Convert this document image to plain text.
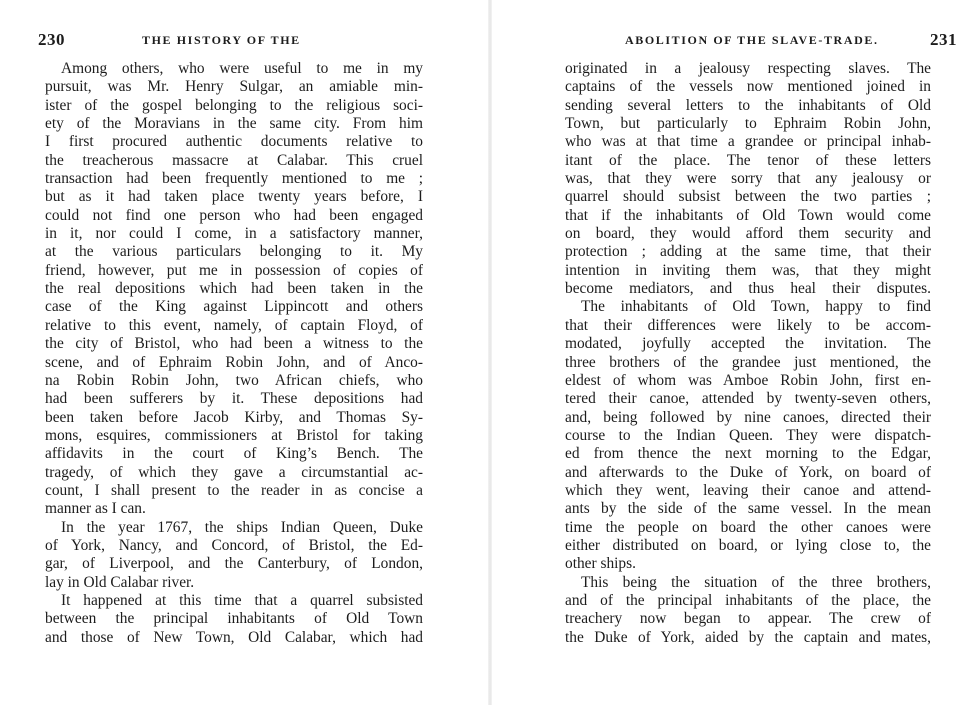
230	THE HISTORY OF THE
Among others, who were useful to me in my
pursuit, was Mr. Henry Sulgar, an amiable min-
ister of the gospel belonging to the religious soci-
ety of the Moravians in the same city. From him
I first procured authentic documents relative to
the treacherous massacre at Calabar. This cruel
transaction had been frequently mentioned to me ;
but as it had taken place twenty years before, I
could not find one person who had been engaged
in it, nor could I come, in a satisfactory manner,
at the various particulars belonging to it. My
friend, however, put me in possession of copies of
the real depositions which had been taken in the
case of the King against Lippincott and others
relative to this event, namely, of captain Floyd, of
the city of Bristol, who had been a witness to the
scene, and of Ephraim Robin John, and of Anco-
na Robin Robin John, two African chiefs, who
had been sufferers by it. These depositions had
been taken before Jacob Kirby, and Thomas Sy-
mons, esquires, commissioners at Bristol for taking
affidavits in the court of King’s Bench. The
tragedy, of which they gave a circumstantial ac-
count, I shall present to the reader in as concise a
manner as I can.
In the year 1767, the ships Indian Queen, Duke
of York, Nancy, and Concord, of Bristol, the Ed-
gar, of Liverpool, and the Canterbury, of London,
lay in Old Calabar river.
It happened at this time that a quarrel subsisted
between the principal inhabitants of Old Town
and those of New Town, Old Calabar, which had
ABOLITION OF THE SLAVE-TRADE.	231
originated in a jealousy respecting slaves. The
captains of the vessels now mentioned joined in
sending several letters to the inhabitants of Old
Town, but particularly to Ephraim Robin John,
who was at that time a grandee or principal inhab-
itant of the place. The tenor of these letters
was, that they were sorry that any jealousy or
quarrel should subsist between the two parties ;
that if the inhabitants of Old Town would come
on board, they would afford them security and
protection ; adding at the same time, that their
intention in inviting them was, that they might
become mediators, and thus heal their disputes.
The inhabitants of Old Town, happy to find
that their differences were likely to be accom-
modated, joyfully accepted the invitation. The
three brothers of the grandee just mentioned, the
eldest of whom was Amboe Robin John, first en-
tered their canoe, attended by twenty-seven others,
and, being followed by nine canoes, directed their
course to the Indian Queen. They were dispatch-
ed from thence the next morning to the Edgar,
and afterwards to the Duke of York, on board of
which they went, leaving their canoe and attend-
ants by the side of the same vessel. In the mean
time the people on board the other canoes were
either distributed on board, or lying close to, the
other ships.
This being the situation of the three brothers,
and of the principal inhabitants of the place, the
treachery now began to appear. The crew of
the Duke of York, aided by the captain and mates,
